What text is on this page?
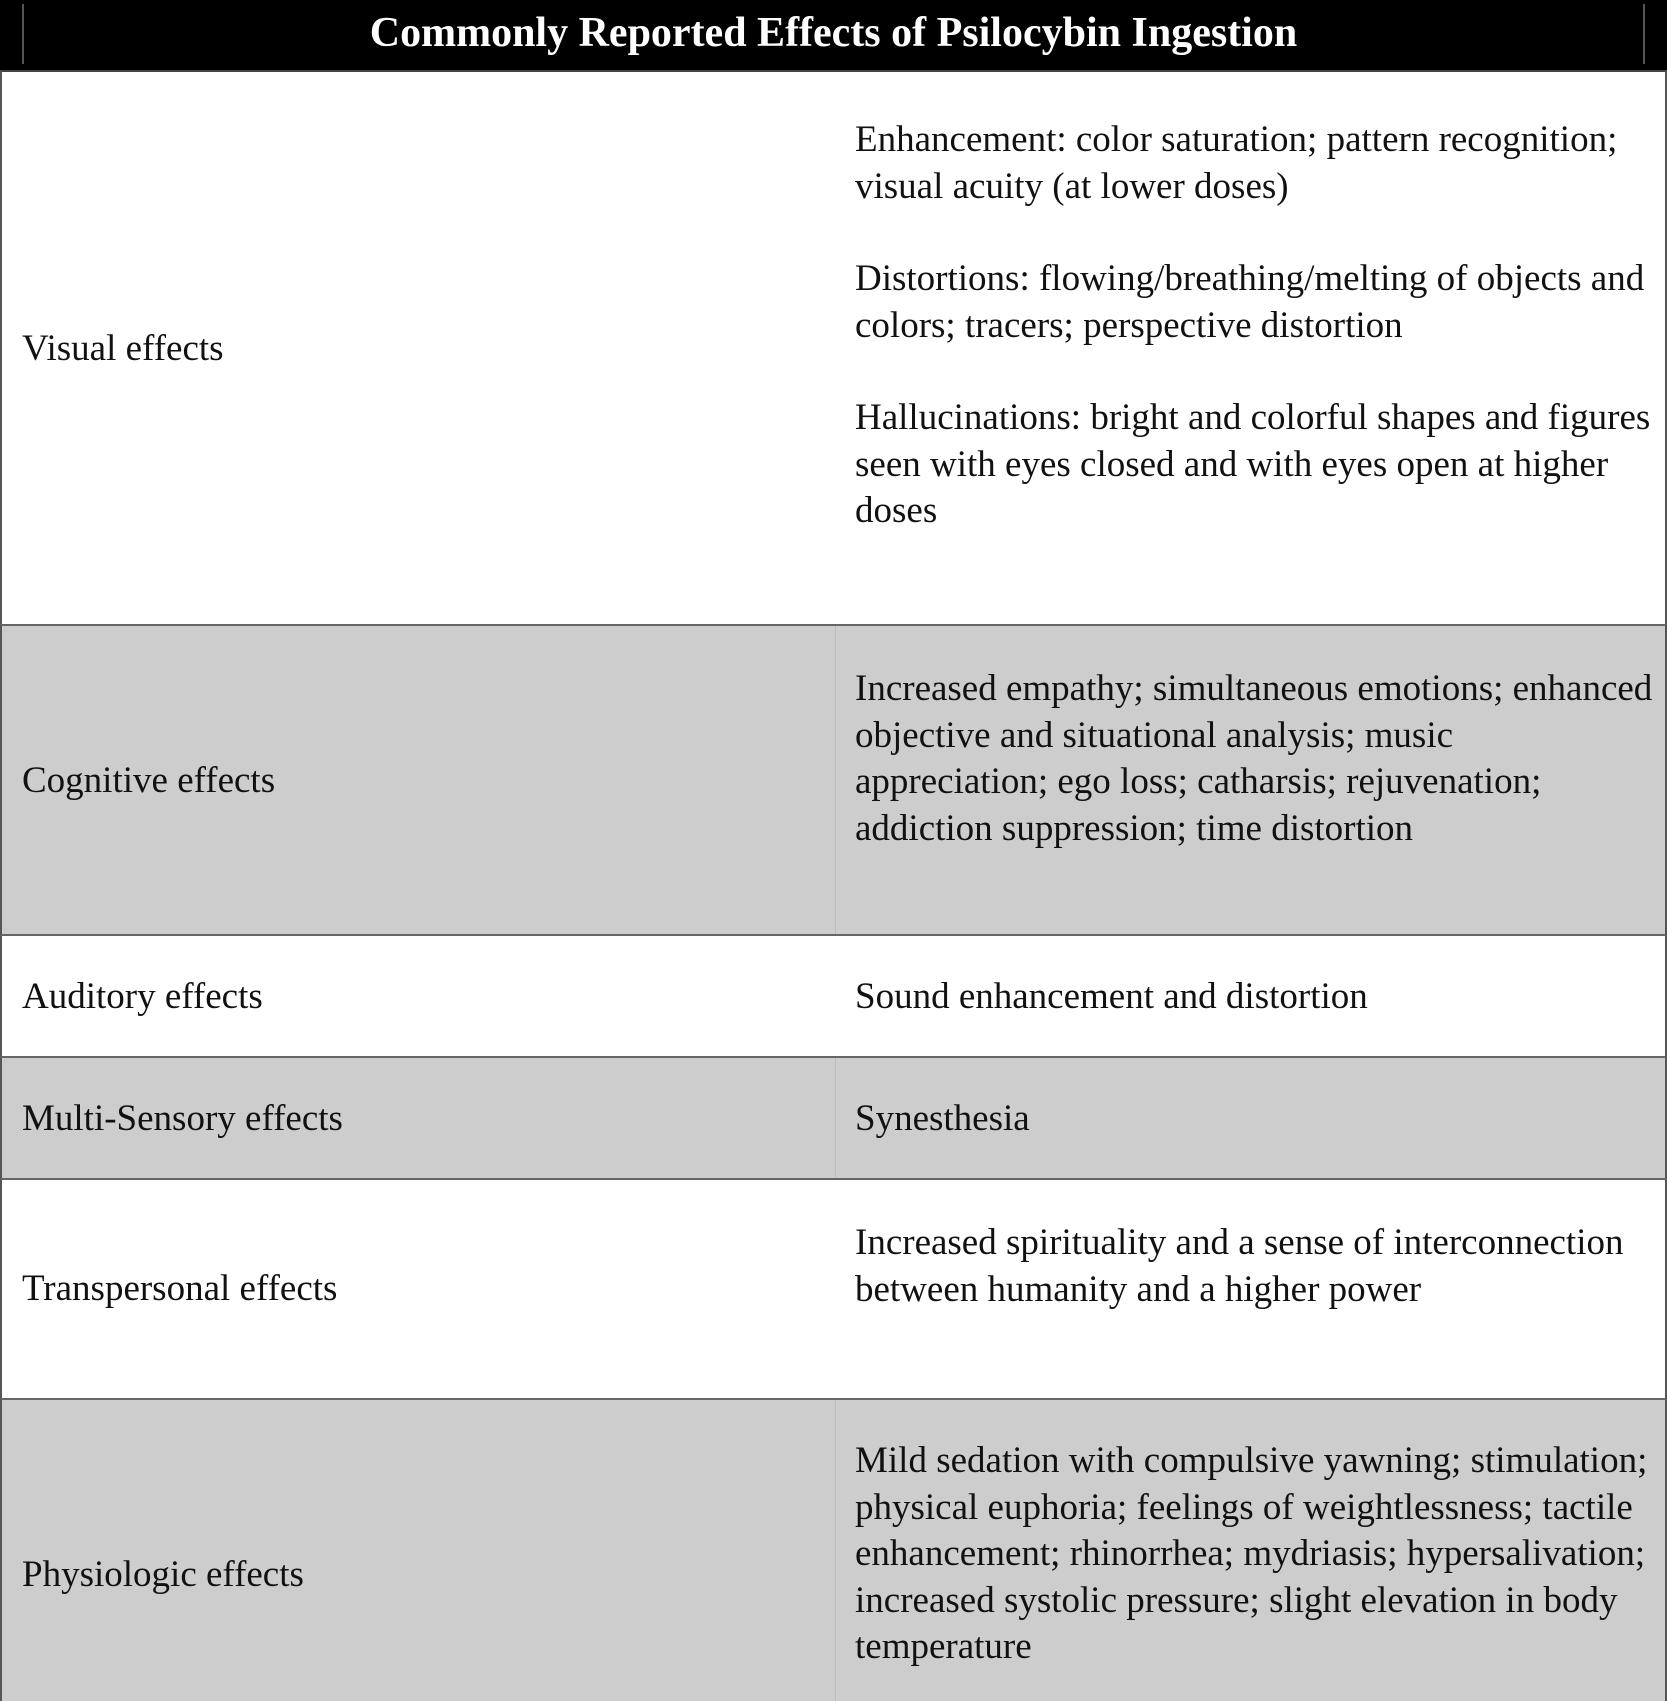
Commonly Reported Effects of Psilocybin Ingestion
Visual effects

Enhancement: color saturation; pattern recognition; visual acuity (at lower doses)

Distortions: flowing/breathing/melting of objects and colors; tracers; perspective distortion

Hallucinations: bright and colorful shapes and figures seen with eyes closed and with eyes open at higher doses

Cognitive effects

Increased empathy; simultaneous emotions; enhanced objective and situational analysis; music appreciation; ego loss; catharsis; rejuvenation; addiction suppression; time distortion

Auditory effects	Sound enhancement and distortion

Multi-Sensory effects	Synesthesia

Transpersonal effects

Increased spirituality and a sense of interconnection between humanity and a higher power

Physiologic effects

Mild sedation with compulsive yawning; stimulation; physical euphoria; feelings of weightlessness; tactile enhancement; rhinorrhea; mydriasis; hypersalivation; increased systolic pressure; slight elevation in body temperature
